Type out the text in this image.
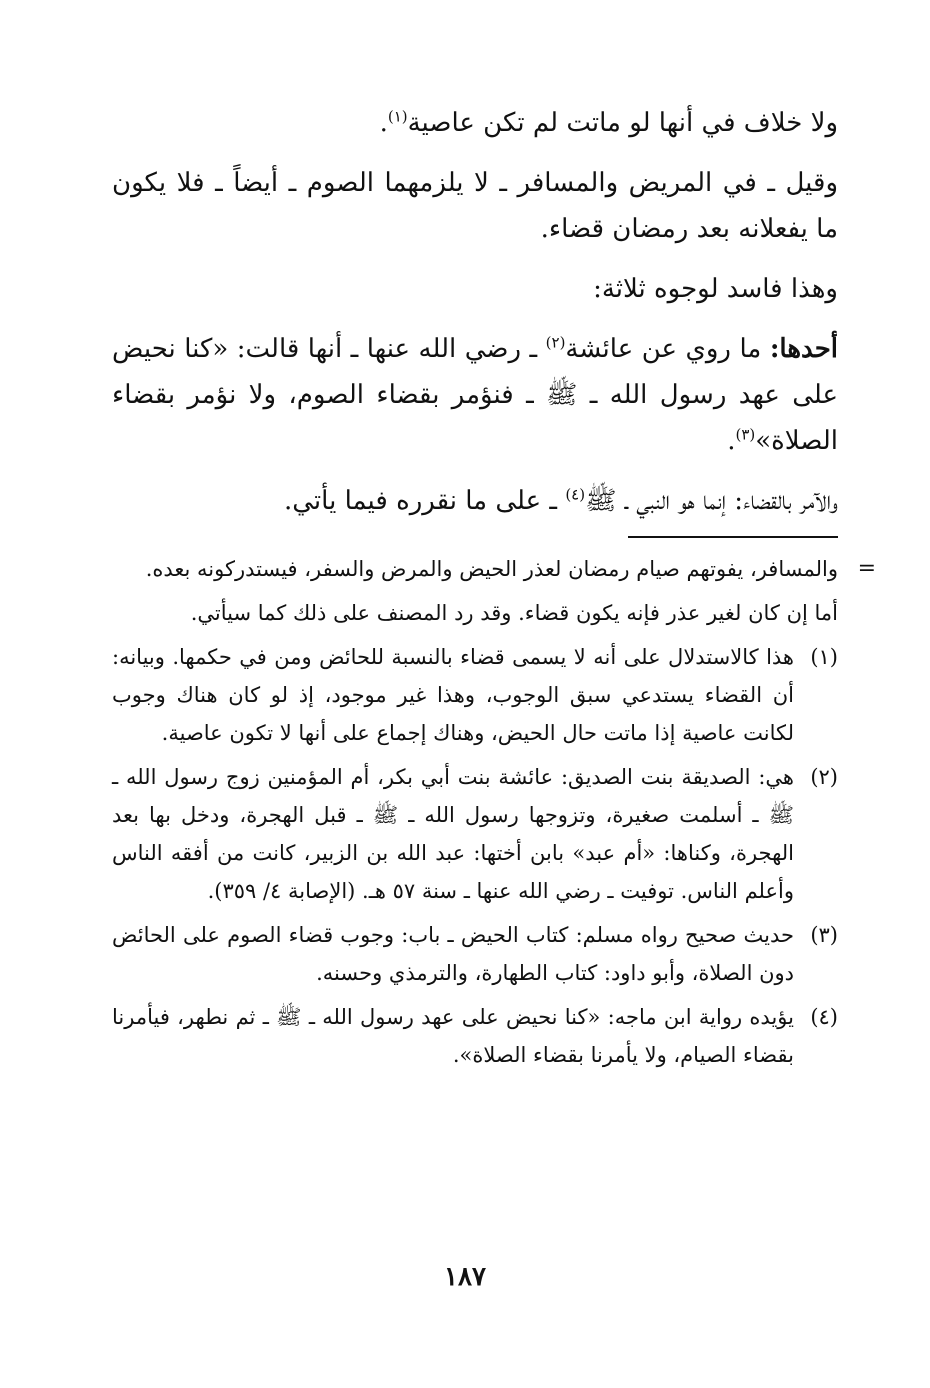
ولا خلاف في أنها لو ماتت لم تكن عاصية$^{(١)}$.

وقيل ـ في المريض والمسافر ـ لا يلزمهما الصوم ـ أيضاً ـ فلا يكون ما يفعلانه بعد رمضان قضاء.

وهذا فاسد لوجوه ثلاثة:

أحدها: ما روي عن عائشة$^{(٢)}$ ـ رضي الله عنها ـ أنها قالت: «كنا نحيض على عهد رسول الله ـ ﷺ ـ فنؤمر بقضاء الصوم، ولا نؤمر بقضاء الصلاة»$^{(٣)}$.

والآمر بالقضاء: إنما هو النبي ـ ﷺ$^{(٤)}$ ـ على ما نقرره فيما يأتي.

=

والمسافر، يفوتهم صيام رمضان لعذر الحيض والمرض والسفر، فيستدركونه بعده.

أما إن كان لغير عذر فإنه يكون قضاء. وقد رد المصنف على ذلك كما سيأتي.

(١)
هذا كالاستدلال على أنه لا يسمى قضاء بالنسبة للحائض ومن في حكمها. وبيانه: أن القضاء يستدعي سبق الوجوب، وهذا غير موجود، إذ لو كان هناك وجوب لكانت عاصية إذا ماتت حال الحيض، وهناك إجماع على أنها لا تكون عاصية.
(٢)
هي: الصديقة بنت الصديق: عائشة بنت أبي بكر، أم المؤمنين زوج رسول الله ـ ﷺ ـ أسلمت صغيرة، وتزوجها رسول الله ـ ﷺ ـ قبل الهجرة، ودخل بها بعد الهجرة، وكناها: «أم عبد» بابن أختها: عبد الله بن الزبير، كانت من أفقه الناس وأعلم الناس. توفيت ـ رضي الله عنها ـ سنة ٥٧ هـ. (الإصابة ٤/ ٣٥٩).
(٣)
حديث صحيح رواه مسلم: كتاب الحيض ـ باب: وجوب قضاء الصوم على الحائض دون الصلاة، وأبو داود: كتاب الطهارة، والترمذي وحسنه.
(٤)
يؤيده رواية ابن ماجه: «كنا نحيض على عهد رسول الله ـ ﷺ ـ ثم نطهر، فيأمرنا بقضاء الصيام، ولا يأمرنا بقضاء الصلاة».
١٨٧
